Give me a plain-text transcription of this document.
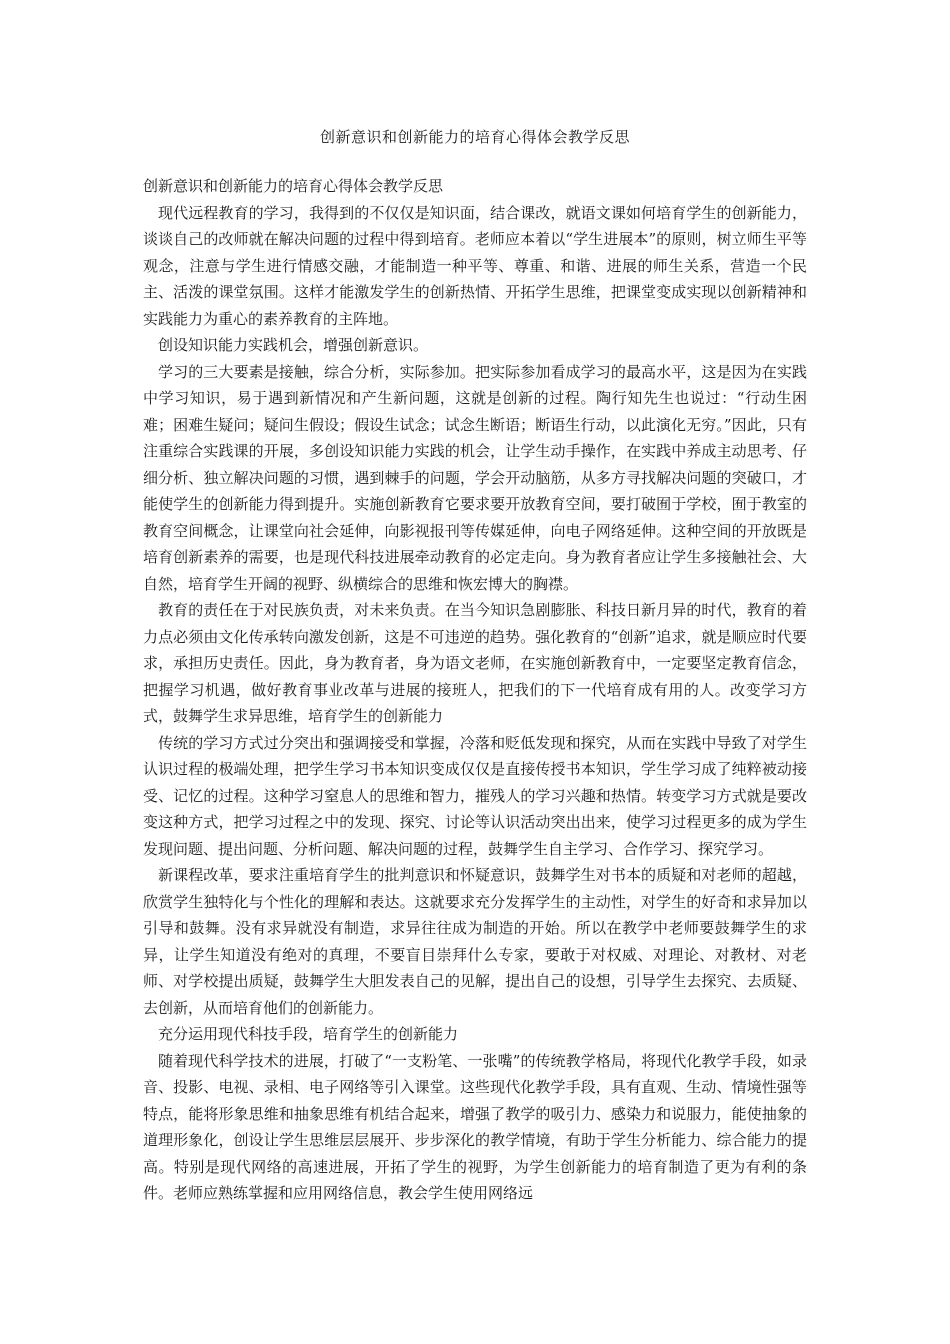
创新意识和创新能力的培育心得体会教学反思

创新意识和创新能力的培育心得体会教学反思

现代远程教育的学习，我得到的不仅仅是知识面，结合课改，就语文课如何培育学生的创新能力，谈谈自己的改师就在解决问题的过程中得到培育。老师应本着以“学生进展本”的原则，树立师生平等观念，注意与学生进行情感交融，才能制造一种平等、尊重、和谐、进展的师生关系，营造一个民主、活泼的课堂氛围。这样才能激发学生的创新热情、开拓学生思维，把课堂变成实现以创新精神和实践能力为重心的素养教育的主阵地。

创设知识能力实践机会，增强创新意识。

学习的三大要素是接触，综合分析，实际参加。把实际参加看成学习的最高水平，这是因为在实践中学习知识，易于遇到新情况和产生新问题，这就是创新的过程。陶行知先生也说过：“行动生困难；困难生疑问；疑问生假设；假设生试念；试念生断语；断语生行动，以此演化无穷。”因此，只有注重综合实践课的开展，多创设知识能力实践的机会，让学生动手操作，在实践中养成主动思考、仔细分析、独立解决问题的习惯，遇到棘手的问题，学会开动脑筋，从多方寻找解决问题的突破口，才能使学生的创新能力得到提升。实施创新教育它要求要开放教育空间，要打破囿于学校，囿于教室的教育空间概念，让课堂向社会延伸，向影视报刊等传媒延伸，向电子网络延伸。这种空间的开放既是培育创新素养的需要，也是现代科技进展牵动教育的必定走向。身为教育者应让学生多接触社会、大自然，培育学生开阔的视野、纵横综合的思维和恢宏博大的胸襟。

教育的责任在于对民族负责，对未来负责。在当今知识急剧膨胀、科技日新月异的时代，教育的着力点必须由文化传承转向激发创新，这是不可违逆的趋势。强化教育的“创新”追求，就是顺应时代要求，承担历史责任。因此，身为教育者，身为语文老师，在实施创新教育中，一定要坚定教育信念，把握学习机遇，做好教育事业改革与进展的接班人，把我们的下一代培育成有用的人。改变学习方式，鼓舞学生求异思维，培育学生的创新能力

传统的学习方式过分突出和强调接受和掌握，冷落和贬低发现和探究，从而在实践中导致了对学生认识过程的极端处理，把学生学习书本知识变成仅仅是直接传授书本知识，学生学习成了纯粹被动接受、记忆的过程。这种学习窒息人的思维和智力，摧残人的学习兴趣和热情。转变学习方式就是要改变这种方式，把学习过程之中的发现、探究、讨论等认识活动突出出来，使学习过程更多的成为学生发现问题、提出问题、分析问题、解决问题的过程，鼓舞学生自主学习、合作学习、探究学习。

新课程改革，要求注重培育学生的批判意识和怀疑意识，鼓舞学生对书本的质疑和对老师的超越，欣赏学生独特化与个性化的理解和表达。这就要求充分发挥学生的主动性，对学生的好奇和求异加以引导和鼓舞。没有求异就没有制造，求异往往成为制造的开始。所以在教学中老师要鼓舞学生的求异，让学生知道没有绝对的真理，不要盲目崇拜什么专家，要敢于对权威、对理论、对教材、对老师、对学校提出质疑，鼓舞学生大胆发表自己的见解，提出自己的设想，引导学生去探究、去质疑、去创新，从而培育他们的创新能力。

充分运用现代科技手段，培育学生的创新能力

随着现代科学技术的进展，打破了“一支粉笔、一张嘴”的传统教学格局，将现代化教学手段，如录音、投影、电视、录相、电子网络等引入课堂。这些现代化教学手段，具有直观、生动、情境性强等特点，能将形象思维和抽象思维有机结合起来，增强了教学的吸引力、感染力和说服力，能使抽象的道理形象化，创设让学生思维层层展开、步步深化的教学情境，有助于学生分析能力、综合能力的提高。特别是现代网络的高速进展，开拓了学生的视野，为学生创新能力的培育制造了更为有利的条件。老师应熟练掌握和应用网络信息，教会学生使用网络远
